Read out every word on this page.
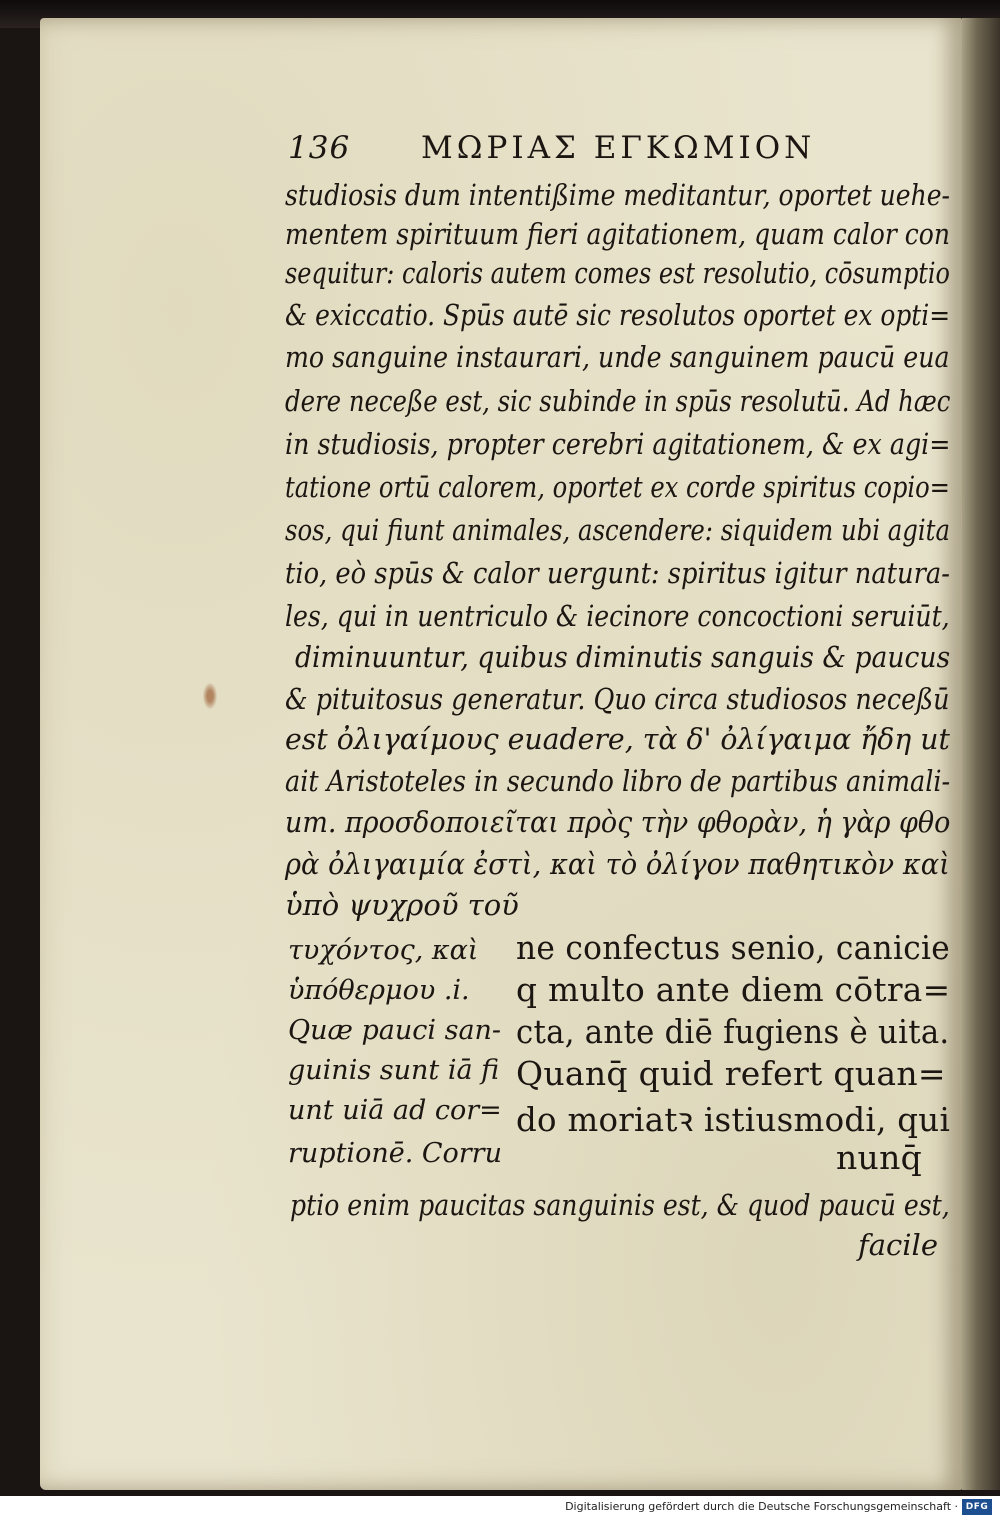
136 ΜΩΡΙΑΣ ΕΓΚΩΜΙΟΝ
studiosis dum intentißime meditantur, oportet uehe-
mentem spirituum fieri agitationem, quam calor con
sequitur: caloris autem comes est resolutio, cōsumptio
& exiccatio. Spūs autē sic resolutos oportet ex opti=
mo sanguine instaurari, unde sanguinem paucū eua
dere neceße est, sic subinde in spūs resolutū. Ad hæc
in studiosis, propter cerebri agitationem, & ex agi=
tatione ortū calorem, oportet ex corde spiritus copio=
sos, qui fiunt animales, ascendere: siquidem ubi agita
tio, eò spūs & calor uergunt: spiritus igitur natura-
les, qui in uentriculo & iecinore concoctioni seruiūt,
diminuuntur, quibus diminutis sanguis & paucus
& pituitosus generatur. Quo circa studiosos neceßū
est ὀλιγαίμους euadere, τὰ δ' ὀλίγαιμα ἤδη ut
ait Aristoteles in secundo libro de partibus animali-
um. προσδοποιεῖται πρὸς τὴν φθορὰν, ἡ γὰρ φθο
ρὰ ὀλιγαιμία ἐστὶ, καὶ τὸ ὀλίγον παθητικὸν καὶ
ὑπὸ ψυχροῦ τοῦ
τυχόντος, καὶ
ὑπόθερμου .i.
Quæ pauci san-
guinis sunt iā fi
unt uiā ad cor=
ruptionē. Corru
ne confectus senio, canicie
q multo ante diem cōtra=
cta, ante diē fugiens è uita.
Quanq̄ quid refert quan=
do moriatꝛ istiusmodi, qui
nunq̄
ptio enim paucitas sanguinis est, & quod paucū est,
facile
Digitalisierung gefördert durch die Deutsche Forschungsgemeinschaft · DFG
